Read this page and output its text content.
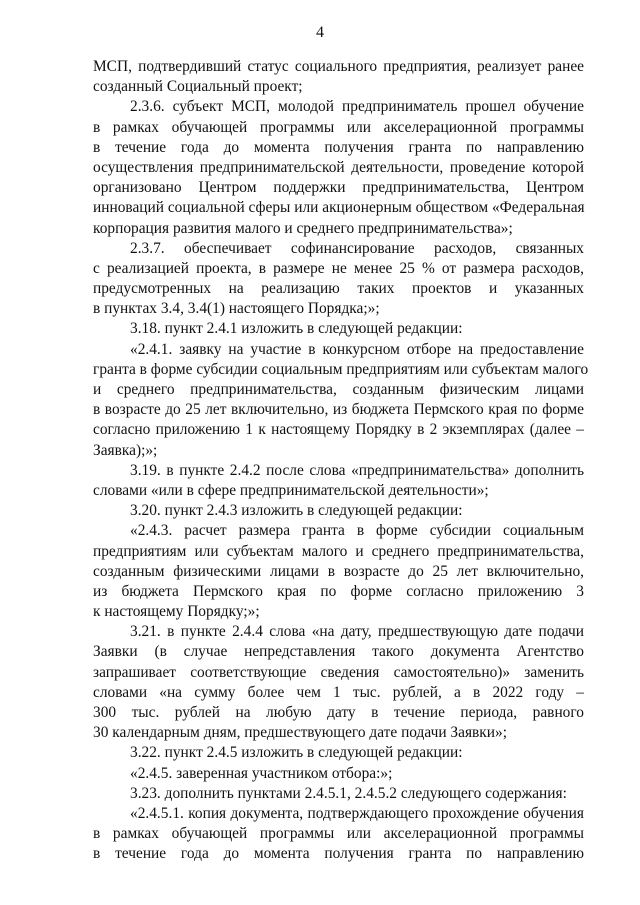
4
МСП, подтвердивший статус социального предприятия, реализует ранее
созданный Социальный проект;
2.3.6. субъект МСП, молодой предприниматель прошел обучение
в рамках обучающей программы или акселерационной программы
в течение года до момента получения гранта по направлению
осуществления предпринимательской деятельности, проведение которой
организовано Центром поддержки предпринимательства, Центром
инноваций социальной сферы или акционерным обществом «Федеральная
корпорация развития малого и среднего предпринимательства»;
2.3.7. обеспечивает софинансирование расходов, связанных
с реализацией проекта, в размере не менее 25 % от размера расходов,
предусмотренных на реализацию таких проектов и указанных
в пунктах 3.4, 3.4(1) настоящего Порядка;»;
3.18. пункт 2.4.1 изложить в следующей редакции:
«2.4.1. заявку на участие в конкурсном отборе на предоставление
гранта в форме субсидии социальным предприятиям или субъектам малого
и среднего предпринимательства, созданным физическим лицами
в возрасте до 25 лет включительно, из бюджета Пермского края по форме
согласно приложению 1 к настоящему Порядку в 2 экземплярах (далее –
Заявка);»;
3.19. в пункте 2.4.2 после слова «предпринимательства» дополнить
словами «или в сфере предпринимательской деятельности»;
3.20. пункт 2.4.3 изложить в следующей редакции:
«2.4.3. расчет размера гранта в форме субсидии социальным
предприятиям или субъектам малого и среднего предпринимательства,
созданным физическими лицами в возрасте до 25 лет включительно,
из бюджета Пермского края по форме согласно приложению 3
к настоящему Порядку;»;
3.21. в пункте 2.4.4 слова «на дату, предшествующую дате подачи
Заявки (в случае непредставления такого документа Агентство
запрашивает соответствующие сведения самостоятельно)» заменить
словами «на сумму более чем 1 тыс. рублей, а в 2022 году –
300 тыс. рублей на любую дату в течение периода, равного
30 календарным дням, предшествующего дате подачи Заявки»;
3.22. пункт 2.4.5 изложить в следующей редакции:
«2.4.5. заверенная участником отбора:»;
3.23. дополнить пунктами 2.4.5.1, 2.4.5.2 следующего содержания:
«2.4.5.1. копия документа, подтверждающего прохождение обучения
в рамках обучающей программы или акселерационной программы
в течение года до момента получения гранта по направлению
